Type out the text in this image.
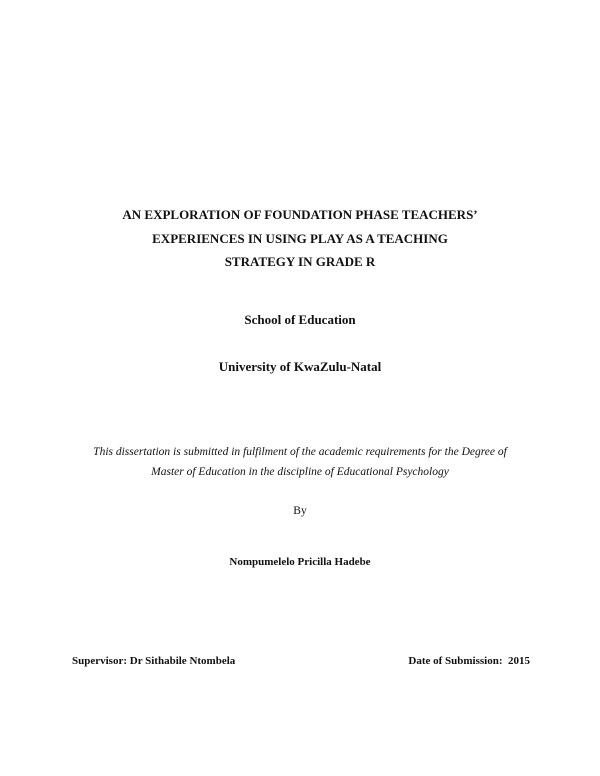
AN EXPLORATION OF FOUNDATION PHASE TEACHERS’
EXPERIENCES IN USING PLAY AS A TEACHING
STRATEGY IN GRADE R
School of Education
University of KwaZulu-Natal
This dissertation is submitted in fulfilment of the academic requirements for the Degree of
Master of Education in the discipline of Educational Psychology
By
Nompumelelo Pricilla Hadebe
Supervisor: Dr Sithabile Ntombela	Date of Submission:  2015
